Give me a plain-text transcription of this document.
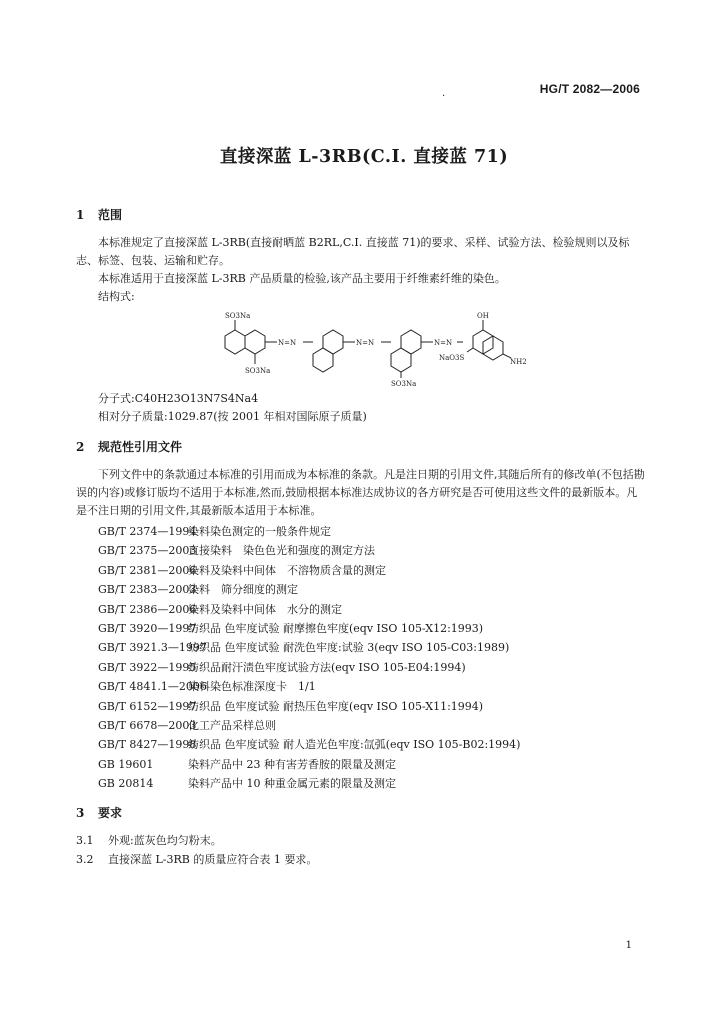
.	HG/T 2082—2006
直接深蓝 L-3RB(C.I. 直接蓝 71)
1 范围
本标准规定了直接深蓝 L-3RB(直接耐晒蓝 B2RL,C.I. 直接蓝 71)的要求、采样、试验方法、检验规则以及标志、标签、包装、运输和贮存。
本标准适用于直接深蓝 L-3RB 产品质量的检验,该产品主要用于纤维素纤维的染色。
结构式:
SO3Na
SO3Na
N=N	N=N	N=N
OH
NaO3S	NH2
SO3Na
分子式:C40H23O13N7S4Na4
相对分子质量:1029.87(按 2001 年相对国际原子质量)
2 规范性引用文件
下列文件中的条款通过本标准的引用而成为本标准的条款。凡是注日期的引用文件,其随后所有的修改单(不包括勘误的内容)或修订版均不适用于本标准,然而,鼓励根据本标准达成协议的各方研究是否可使用这些文件的最新版本。凡是不注日期的引用文件,其最新版本适用于本标准。
GB/T 2374—1994染料染色测定的一般条件规定
GB/T 2375—2003直接染料　染色色光和强度的测定方法
GB/T 2381—2006染料及染料中间体　不溶物质含量的测定
GB/T 2383—2003染料　筛分细度的测定
GB/T 2386—2006染料及染料中间体　水分的测定
GB/T 3920—1997纺织品 色牢度试验 耐摩擦色牢度(eqv ISO 105-X12:1993)
GB/T 3921.3—1997纺织品 色牢度试验 耐洗色牢度:试验 3(eqv ISO 105-C03:1989)
GB/T 3922—1995纺织品耐汗渍色牢度试验方法(eqv ISO 105-E04:1994)
GB/T 4841.1—2006染料染色标准深度卡　1/1
GB/T 6152—1997纺织品 色牢度试验 耐热压色牢度(eqv ISO 105-X11:1994)
GB/T 6678—2003化工产品采样总则
GB/T 8427—1998纺织品 色牢度试验 耐人造光色牢度:氙弧(eqv ISO 105-B02:1994)
GB 19601	染料产品中 23 种有害芳香胺的限量及测定
GB 20814	染料产品中 10 种重金属元素的限量及测定
3 要求
3.1 外观:蓝灰色均匀粉末。
3.2 直接深蓝 L-3RB 的质量应符合表 1 要求。
1
